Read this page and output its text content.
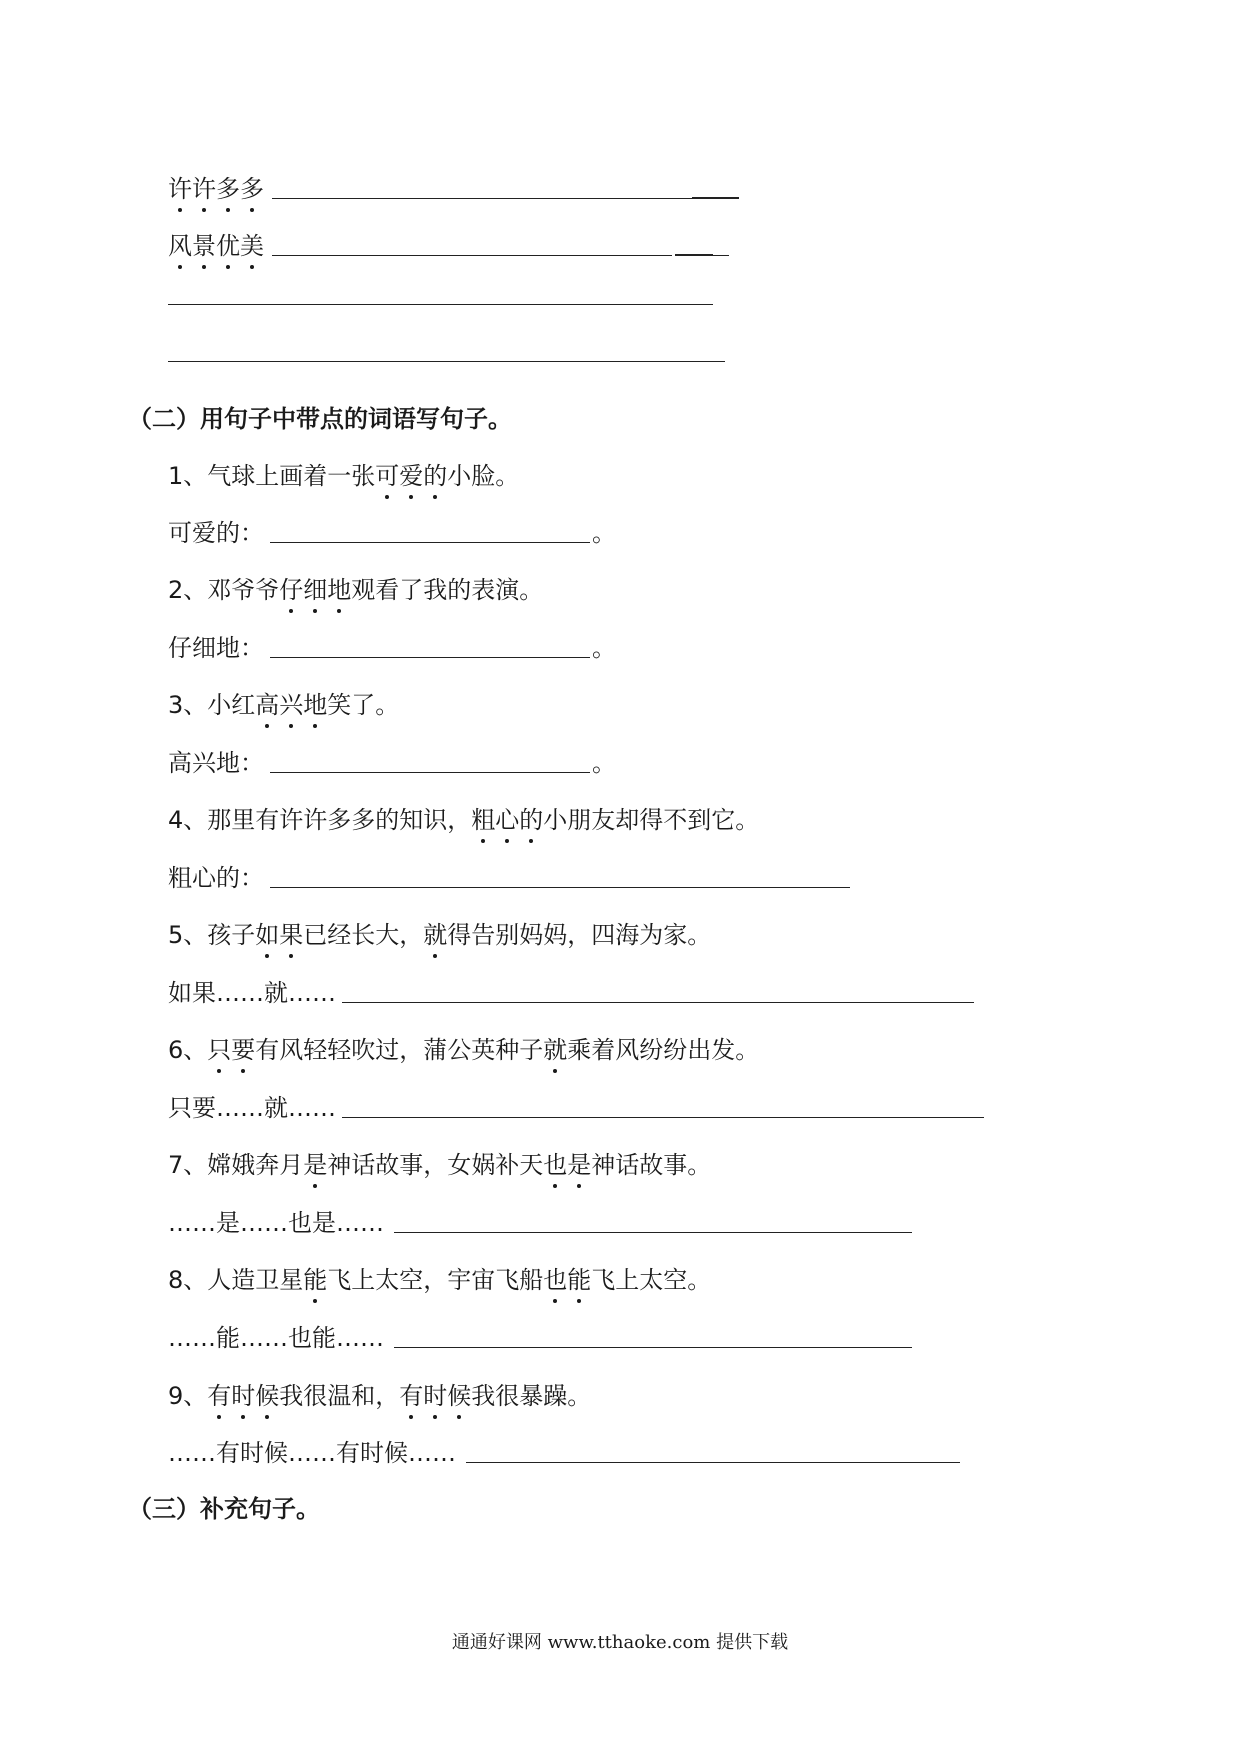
许许多多
风景优美
（二）用句子中带点的词语写句子。
1、气球上画着一张可爱的小脸。
可爱的：	。
2、邓爷爷仔细地观看了我的表演。
仔细地：	。
3、小红高兴地笑了。
高兴地：	。
4、那里有许许多多的知识，粗心的小朋友却得不到它。
粗心的：
5、孩子如果已经长大，就得告别妈妈，四海为家。
如果……就……
6、只要有风轻轻吹过，蒲公英种子就乘着风纷纷出发。
只要……就……
7、嫦娥奔月是神话故事，女娲补天也是神话故事。
……是……也是……
8、人造卫星能飞上太空，宇宙飞船也能飞上太空。
……能……也能……
9、有时候我很温和，有时候我很暴躁。
……有时候……有时候……
（三）补充句子。
通通好课网 www.tthaoke.com 提供下载
